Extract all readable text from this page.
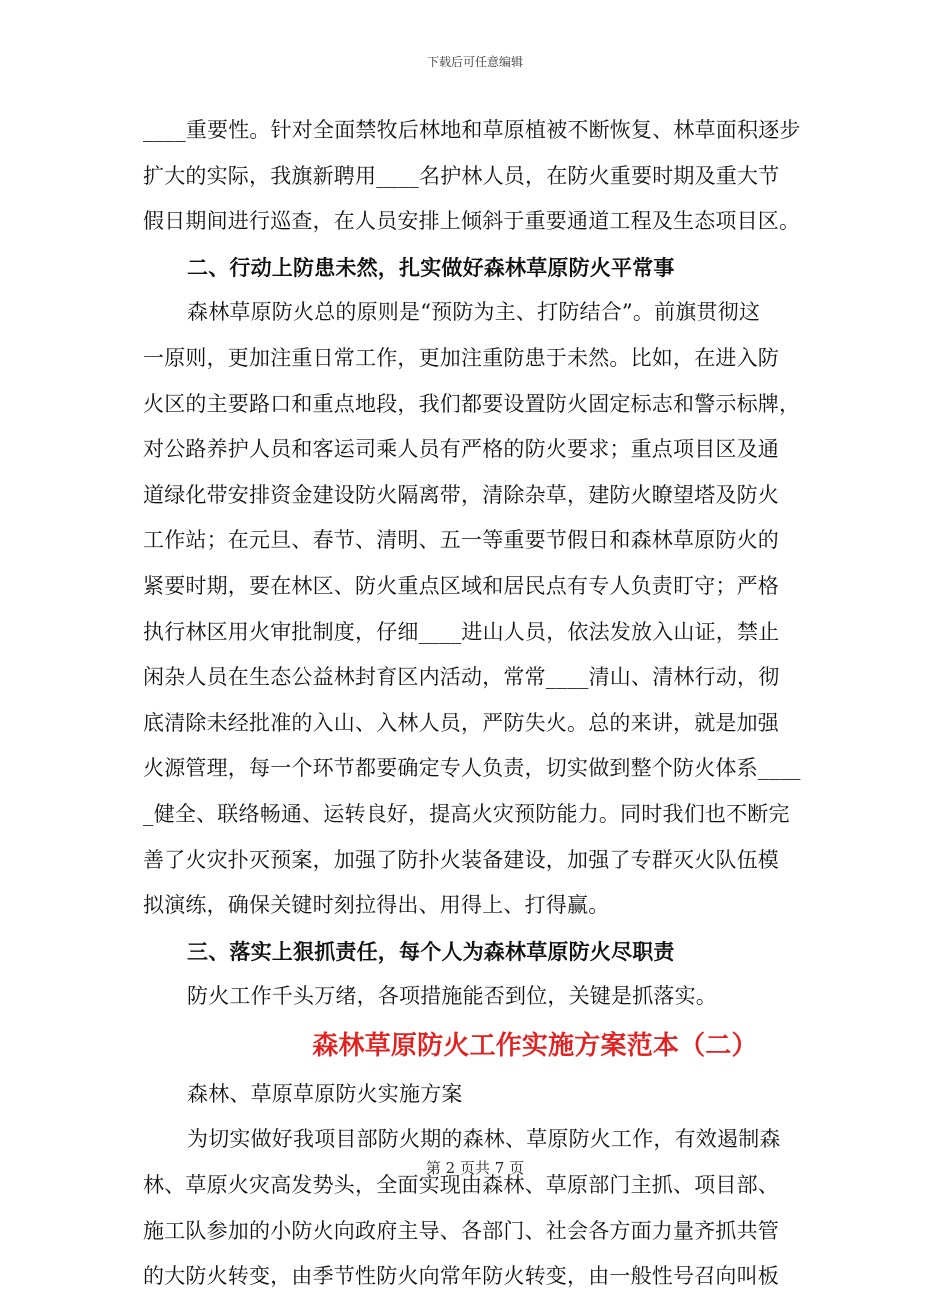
下载后可任意编辑
____重要性。针对全面禁牧后林地和草原植被不断恢复、林草面积逐步
扩大的实际，我旗新聘用____名护林人员，在防火重要时期及重大节
假日期间进行巡查，在人员安排上倾斜于重要通道工程及生态项目区。
二、行动上防患未然，扎实做好森林草原防火平常事
森林草原防火总的原则是“预防为主、打防结合”。前旗贯彻这
一原则，更加注重日常工作，更加注重防患于未然。比如，在进入防
火区的主要路口和重点地段，我们都要设置防火固定标志和警示标牌，
对公路养护人员和客运司乘人员有严格的防火要求；重点项目区及通
道绿化带安排资金建设防火隔离带，清除杂草，建防火瞭望塔及防火
工作站；在元旦、春节、清明、五一等重要节假日和森林草原防火的
紧要时期，要在林区、防火重点区域和居民点有专人负责盯守；严格
执行林区用火审批制度，仔细____进山人员，依法发放入山证，禁止
闲杂人员在生态公益林封育区内活动，常常____清山、清林行动，彻
底清除未经批准的入山、入林人员，严防失火。总的来讲，就是加强
火源管理，每一个环节都要确定专人负责，切实做到整个防火体系____
_健全、联络畅通、运转良好，提高火灾预防能力。同时我们也不断完
善了火灾扑灭预案，加强了防扑火装备建设，加强了专群灭火队伍模
拟演练，确保关键时刻拉得出、用得上、打得赢。
三、落实上狠抓责任，每个人为森林草原防火尽职责
防火工作千头万绪，各项措施能否到位，关键是抓落实。
森林草原防火工作实施方案范本（二）
森林、草原草原防火实施方案
为切实做好我项目部防火期的森林、草原防火工作，有效遏制森
林、草原火灾高发势头，全面实现由森林、草原部门主抓、项目部、
施工队参加的小防火向政府主导、各部门、社会各方面力量齐抓共管
的大防火转变，由季节性防火向常年防火转变，由一般性号召向叫板
第 2 页共 7 页
